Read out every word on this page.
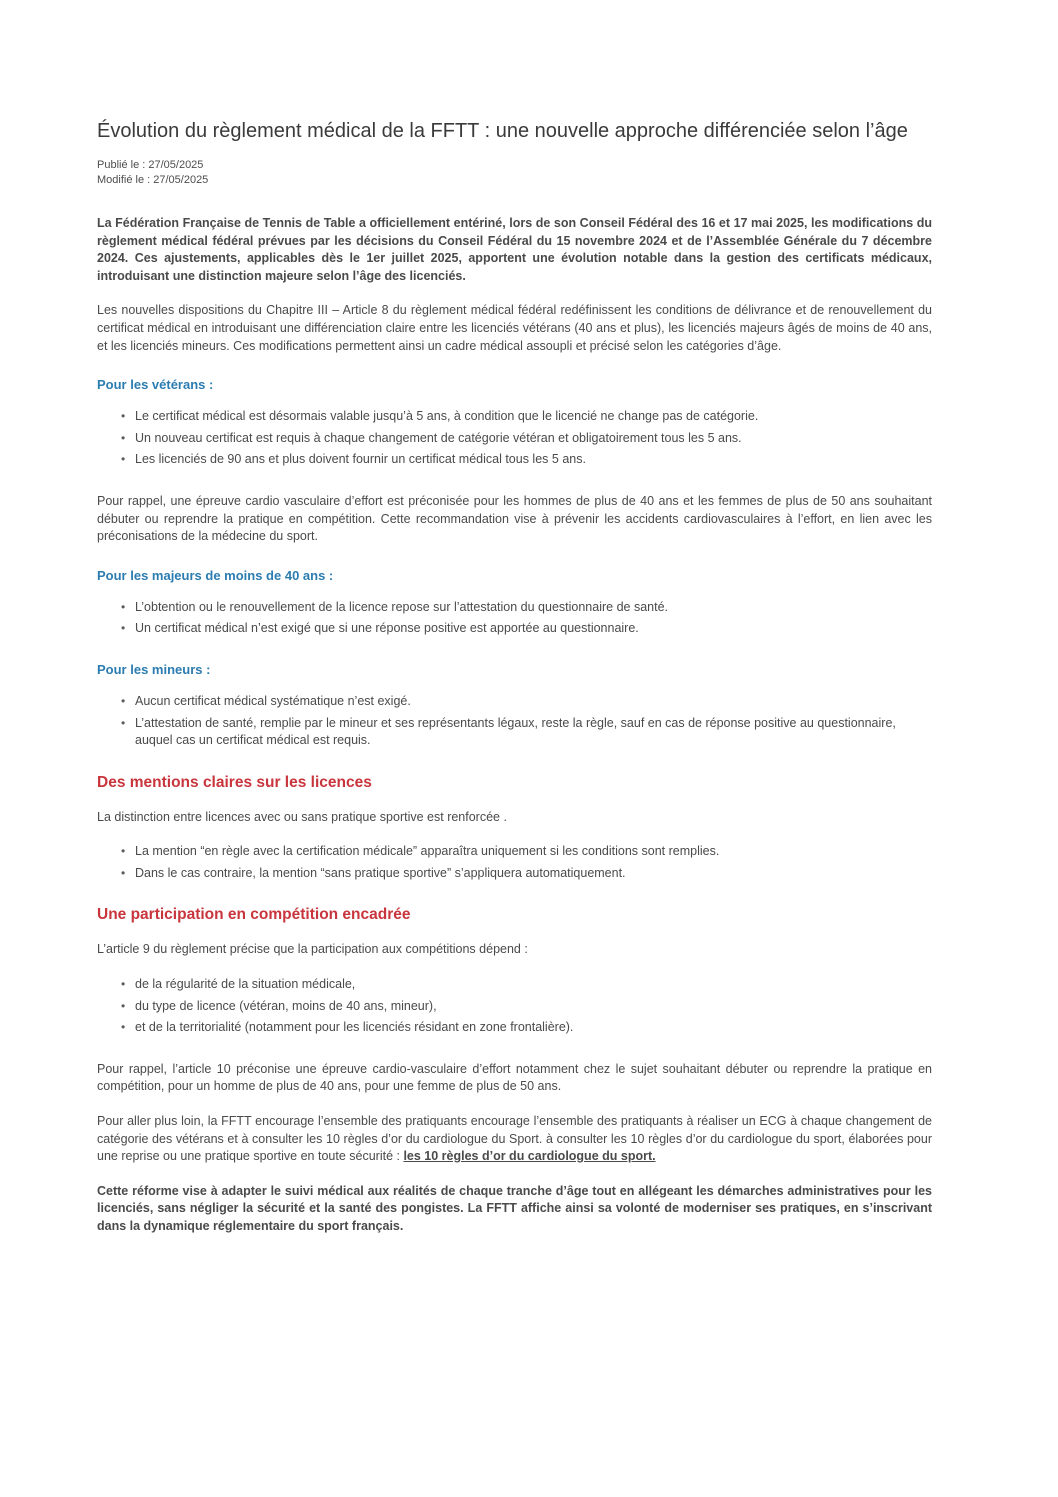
Évolution du règlement médical de la FFTT : une nouvelle approche différenciée selon l’âge

Publié le : 27/05/2025

Modifié le : 27/05/2025

La Fédération Française de Tennis de Table a officiellement entériné, lors de son Conseil Fédéral des 16 et 17 mai 2025, les modifications du règlement médical fédéral prévues par les décisions du Conseil Fédéral du 15 novembre 2024 et de l’Assemblée Générale du 7 décembre 2024. Ces ajustements, applicables dès le 1er juillet 2025, apportent une évolution notable dans la gestion des certificats médicaux, introduisant une distinction majeure selon l’âge des licenciés.

Les nouvelles dispositions du Chapitre III – Article 8 du règlement médical fédéral redéfinissent les conditions de délivrance et de renouvellement du certificat médical en introduisant une différenciation claire entre les licenciés vétérans (40 ans et plus), les licenciés majeurs âgés de moins de 40 ans, et les licenciés mineurs. Ces modifications permettent ainsi un cadre médical assoupli et précisé selon les catégories d’âge.

Pour les vétérans :
• Le certificat médical est désormais valable jusqu’à 5 ans, à condition que le licencié ne change pas de catégorie.
• Un nouveau certificat est requis à chaque changement de catégorie vétéran et obligatoirement tous les 5 ans.
• Les licenciés de 90 ans et plus doivent fournir un certificat médical tous les 5 ans.

Pour rappel, une épreuve cardio vasculaire d’effort est préconisée pour les hommes de plus de 40 ans et les femmes de plus de 50 ans souhaitant débuter ou reprendre la pratique en compétition. Cette recommandation vise à prévenir les accidents cardiovasculaires à l’effort, en lien avec les préconisations de la médecine du sport.

Pour les majeurs de moins de 40 ans :
• L’obtention ou le renouvellement de la licence repose sur l’attestation du questionnaire de santé.
• Un certificat médical n’est exigé que si une réponse positive est apportée au questionnaire.
Pour les mineurs :
• Aucun certificat médical systématique n’est exigé.
• L’attestation de santé, remplie par le mineur et ses représentants légaux, reste la règle, sauf en cas de réponse positive au questionnaire, auquel cas un certificat médical est requis.
Des mentions claires sur les licences

La distinction entre licences avec ou sans pratique sportive est renforcée .

• La mention “en règle avec la certification médicale” apparaîtra uniquement si les conditions sont remplies.
• Dans le cas contraire, la mention “sans pratique sportive” s’appliquera automatiquement.
Une participation en compétition encadrée

L’article 9 du règlement précise que la participation aux compétitions dépend :

• de la régularité de la situation médicale,
• du type de licence (vétéran, moins de 40 ans, mineur),
• et de la territorialité (notamment pour les licenciés résidant en zone frontalière).

Pour rappel, l’article 10 préconise une épreuve cardio-vasculaire d’effort notamment chez le sujet souhaitant débuter ou reprendre la pratique en compétition, pour un homme de plus de 40 ans, pour une femme de plus de 50 ans.

Pour aller plus loin, la FFTT encourage l’ensemble des pratiquants encourage l’ensemble des pratiquants à réaliser un ECG à chaque changement de catégorie des vétérans et à consulter les 10 règles d’or du cardiologue du Sport. à consulter les 10 règles d’or du cardiologue du sport, élaborées pour une reprise ou une pratique sportive en toute sécurité : les 10 règles d’or du cardiologue du sport.

Cette réforme vise à adapter le suivi médical aux réalités de chaque tranche d’âge tout en allégeant les démarches administratives pour les licenciés, sans négliger la sécurité et la santé des pongistes. La FFTT affiche ainsi sa volonté de moderniser ses pratiques, en s’inscrivant dans la dynamique réglementaire du sport français.
